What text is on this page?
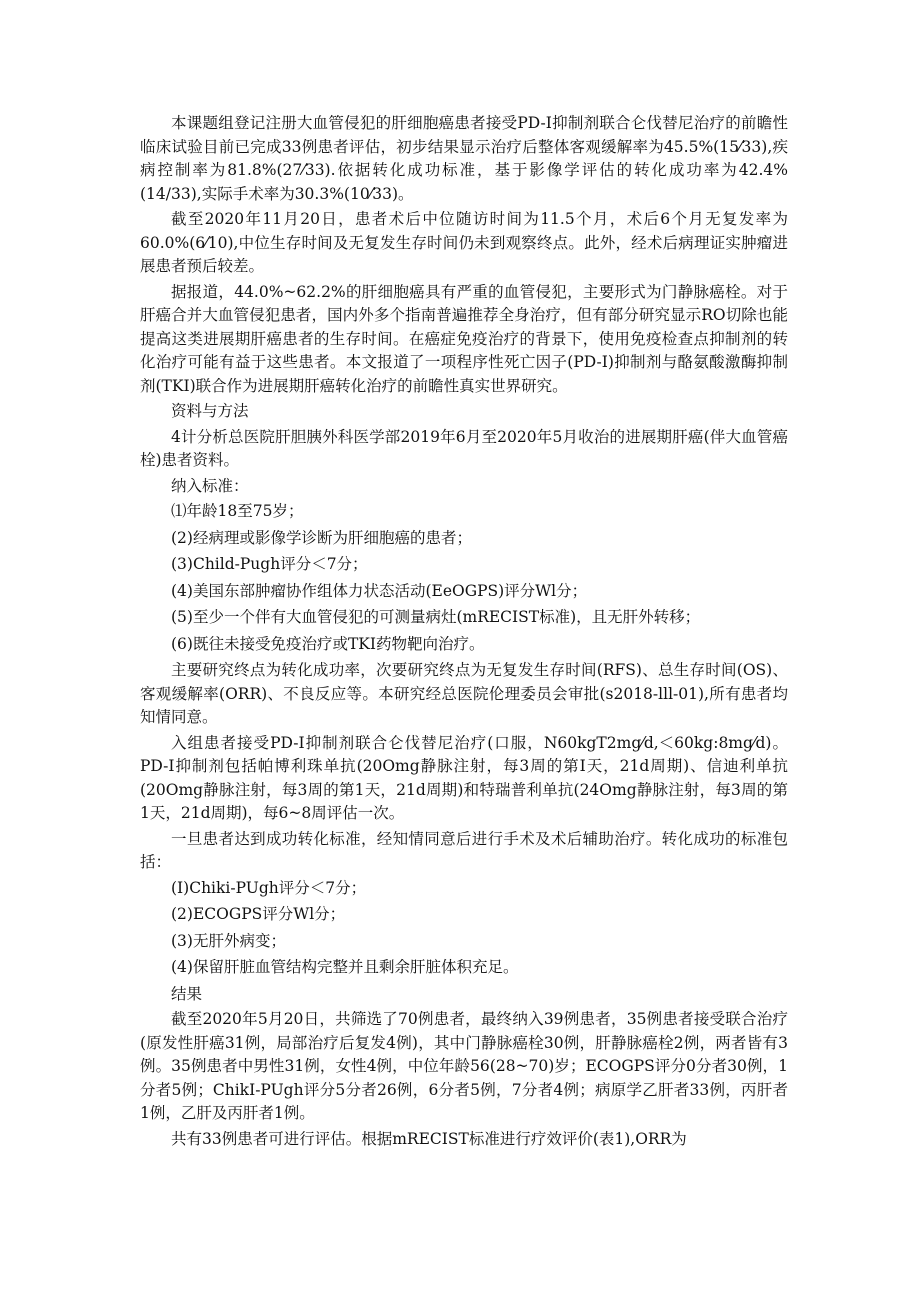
本课题组登记注册大血管侵犯的肝细胞癌患者接受PD-I抑制剂联合仑伐替尼治疗的前瞻性临床试验目前已完成33例患者评估，初步结果显示治疗后整体客观缓解率为45.5%(15⁄33),疾病控制率为81.8%(27⁄33).依据转化成功标准，基于影像学评估的转化成功率为42.4%(14/33),实际手术率为30.3%(10⁄33)。

截至2020年11月20日，患者术后中位随访时间为11.5个月，术后6个月无复发率为60.0%(6⁄10),中位生存时间及无复发生存时间仍未到观察终点。此外，经术后病理证实肿瘤进展患者预后较差。

据报道，44.0%~62.2%的肝细胞癌具有严重的血管侵犯，主要形式为门静脉癌栓。对于肝癌合并大血管侵犯患者，国内外多个指南普遍推荐全身治疗，但有部分研究显示RO切除也能提高这类进展期肝癌患者的生存时间。在癌症免疫治疗的背景下，使用免疫检查点抑制剂的转化治疗可能有益于这些患者。本文报道了一项程序性死亡因子(PD-I)抑制剂与酪氨酸激酶抑制剂(TKI)联合作为进展期肝癌转化治疗的前瞻性真实世界研究。

资料与方法

4计分析总医院肝胆胰外科医学部2019年6月至2020年5月收治的进展期肝癌(伴大血管癌栓)患者资料。

纳入标准：

⑴年龄18至75岁；

(2)经病理或影像学诊断为肝细胞癌的患者；

(3)Child-Pugh评分＜7分；

(4)美国东部肿瘤协作组体力状态活动(EeOGPS)评分Wl分；

(5)至少一个伴有大血管侵犯的可测量病灶(mRECIST标准)，且无肝外转移；

(6)既往未接受免疫治疗或TKI药物靶向治疗。

主要研究终点为转化成功率，次要研究终点为无复发生存时间(RFS)、总生存时间(OS)、客观缓解率(ORR)、不良反应等。本研究经总医院伦理委员会审批(s2018-lll-01),所有患者均知情同意。

入组患者接受PD-I抑制剂联合仑伐替尼治疗(口服，N60kgT2mg⁄d,＜60kg:8mg⁄d)。PD-I抑制剂包括帕博利珠单抗(20Omg静脉注射，每3周的第I天，21d周期)、信迪利单抗(20Omg静脉注射，每3周的第1天，21d周期)和特瑞普利单抗(24Omg静脉注射，每3周的第1天，21d周期)，每6~8周评估一次。

一旦患者达到成功转化标准，经知情同意后进行手术及术后辅助治疗。转化成功的标准包括：

(I)Chiki-PUgh评分＜7分；

(2)ECOGPS评分Wl分；

(3)无肝外病变；

(4)保留肝脏血管结构完整并且剩余肝脏体积充足。

结果

截至2020年5月20日，共筛选了70例患者，最终纳入39例患者，35例患者接受联合治疗(原发性肝癌31例，局部治疗后复发4例)，其中门静脉癌栓30例，肝静脉癌栓2例，两者皆有3例。35例患者中男性31例，女性4例，中位年龄56(28~70)岁；ECOGPS评分0分者30例，1分者5例；ChikI-PUgh评分5分者26例，6分者5例，7分者4例；病原学乙肝者33例，丙肝者1例，乙肝及丙肝者1例。

共有33例患者可进行评估。根据mRECIST标准进行疗效评价(表1),ORR为
